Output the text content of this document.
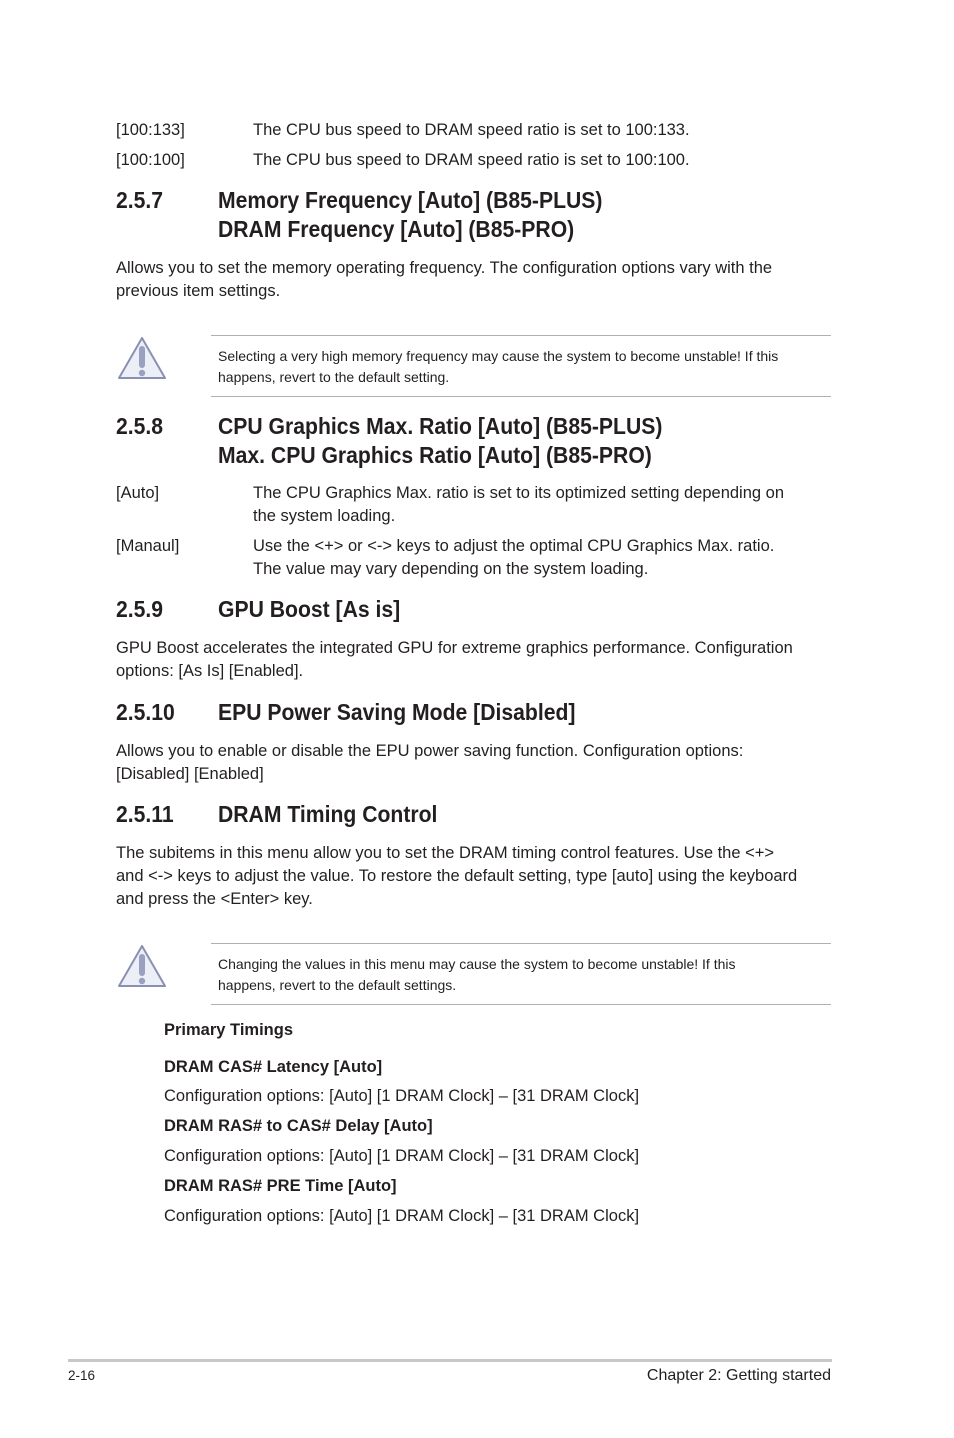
[100:133]	The CPU bus speed to DRAM speed ratio is set to 100:133.
[100:100]	The CPU bus speed to DRAM speed ratio is set to 100:100.
2.5.7 Memory Frequency [Auto] (B85-PLUS)
DRAM Frequency [Auto] (B85-PRO)
Allows you to set the memory operating frequency. The configuration options vary with the
previous item settings.
Selecting a very high memory frequency may cause the system to become unstable! If this
happens, revert to the default setting.
2.5.8 CPU Graphics Max. Ratio [Auto] (B85-PLUS)
Max. CPU Graphics Ratio [Auto] (B85-PRO)
[Auto]	The CPU Graphics Max. ratio is set to its optimized setting depending on
the system loading.
[Manaul]	Use the <+> or <-> keys to adjust the optimal CPU Graphics Max. ratio.
The value may vary depending on the system loading.
2.5.9 GPU Boost [As is]
GPU Boost accelerates the integrated GPU for extreme graphics performance. Configuration
options: [As Is] [Enabled].
2.5.10 EPU Power Saving Mode [Disabled]
Allows you to enable or disable the EPU power saving function. Configuration options:
[Disabled] [Enabled]
2.5.11 DRAM Timing Control
The subitems in this menu allow you to set the DRAM timing control features. Use the <+>
and <-> keys to adjust the value. To restore the default setting, type [auto] using the keyboard
and press the <Enter> key.
Changing the values in this menu may cause the system to become unstable! If this
happens, revert to the default settings.
Primary Timings
DRAM CAS# Latency [Auto]
Configuration options: [Auto] [1 DRAM Clock] – [31 DRAM Clock]
DRAM RAS# to CAS# Delay [Auto]
Configuration options: [Auto] [1 DRAM Clock] – [31 DRAM Clock]
DRAM RAS# PRE Time [Auto]
Configuration options: [Auto] [1 DRAM Clock] – [31 DRAM Clock]
2-16	Chapter 2: Getting started
